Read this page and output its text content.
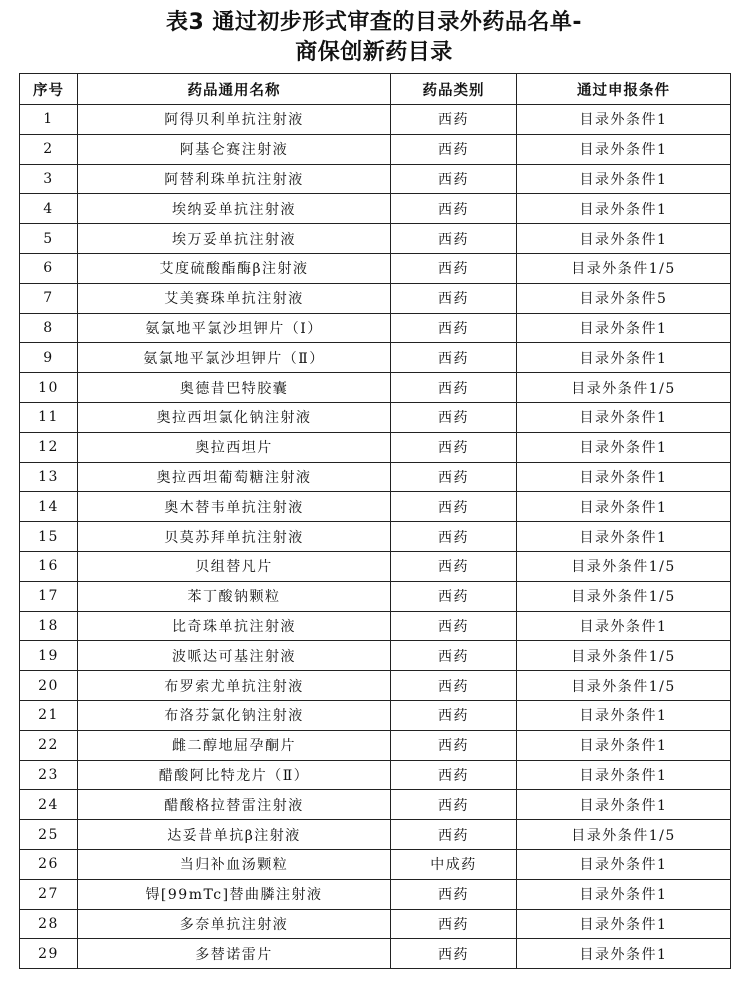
表3 通过初步形式审查的目录外药品名单-
商保创新药目录
序号	药品通用名称	药品类别	通过申报条件
1	阿得贝利单抗注射液	西药	目录外条件1
2	阿基仑赛注射液	西药	目录外条件1
3	阿替利珠单抗注射液	西药	目录外条件1
4	埃纳妥单抗注射液	西药	目录外条件1
5	埃万妥单抗注射液	西药	目录外条件1
6	艾度硫酸酯酶β注射液	西药	目录外条件1/5
7	艾美赛珠单抗注射液	西药	目录外条件5
8	氨氯地平氯沙坦钾片（Ⅰ）	西药	目录外条件1
9	氨氯地平氯沙坦钾片（Ⅱ）	西药	目录外条件1
10	奥德昔巴特胶囊	西药	目录外条件1/5
11	奥拉西坦氯化钠注射液	西药	目录外条件1
12	奥拉西坦片	西药	目录外条件1
13	奥拉西坦葡萄糖注射液	西药	目录外条件1
14	奥木替韦单抗注射液	西药	目录外条件1
15	贝莫苏拜单抗注射液	西药	目录外条件1
16	贝组替凡片	西药	目录外条件1/5
17	苯丁酸钠颗粒	西药	目录外条件1/5
18	比奇珠单抗注射液	西药	目录外条件1
19	波哌达可基注射液	西药	目录外条件1/5
20	布罗索尤单抗注射液	西药	目录外条件1/5
21	布洛芬氯化钠注射液	西药	目录外条件1
22	雌二醇地屈孕酮片	西药	目录外条件1
23	醋酸阿比特龙片（Ⅱ）	西药	目录外条件1
24	醋酸格拉替雷注射液	西药	目录外条件1
25	达妥昔单抗β注射液	西药	目录外条件1/5
26	当归补血汤颗粒	中成药	目录外条件1
27	锝[99mTc]替曲膦注射液	西药	目录外条件1
28	多奈单抗注射液	西药	目录外条件1
29	多替诺雷片	西药	目录外条件1
